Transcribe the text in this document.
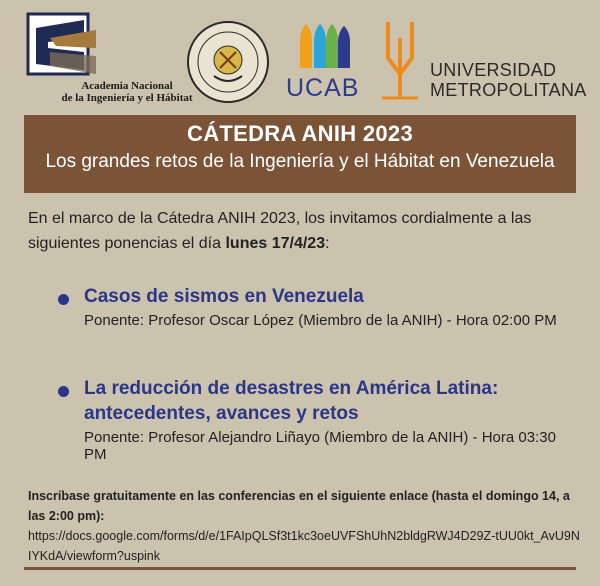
Academia Nacional
de la Ingeniería y el Hábitat	UCAB
UNIVERSIDAD
METROPOLITANA
CÁTEDRA ANIH 2023
Los grandes retos de la Ingeniería y el Hábitat en Venezuela
En el marco de la Cátedra ANIH 2023, los invitamos cordialmente a las siguientes ponencias el día lunes 17/4/23:
Casos de sismos en Venezuela
Ponente: Profesor Oscar López (Miembro de la ANIH) - Hora 02:00 PM
La reducción de desastres en América Latina: antecedentes, avances y retos
Ponente: Profesor Alejandro Liñayo (Miembro de la ANIH) - Hora 03:30 PM
Inscríbase gratuitamente en las conferencias en el siguiente enlace (hasta el domingo 14, a las 2:00 pm):
https://docs.google.com/forms/d/e/1FAIpQLSf3t1kc3oeUVFShUhN2bldgRWJ4D29Z-tUU0kt_AvU9NIYKdA/viewform?uspink
